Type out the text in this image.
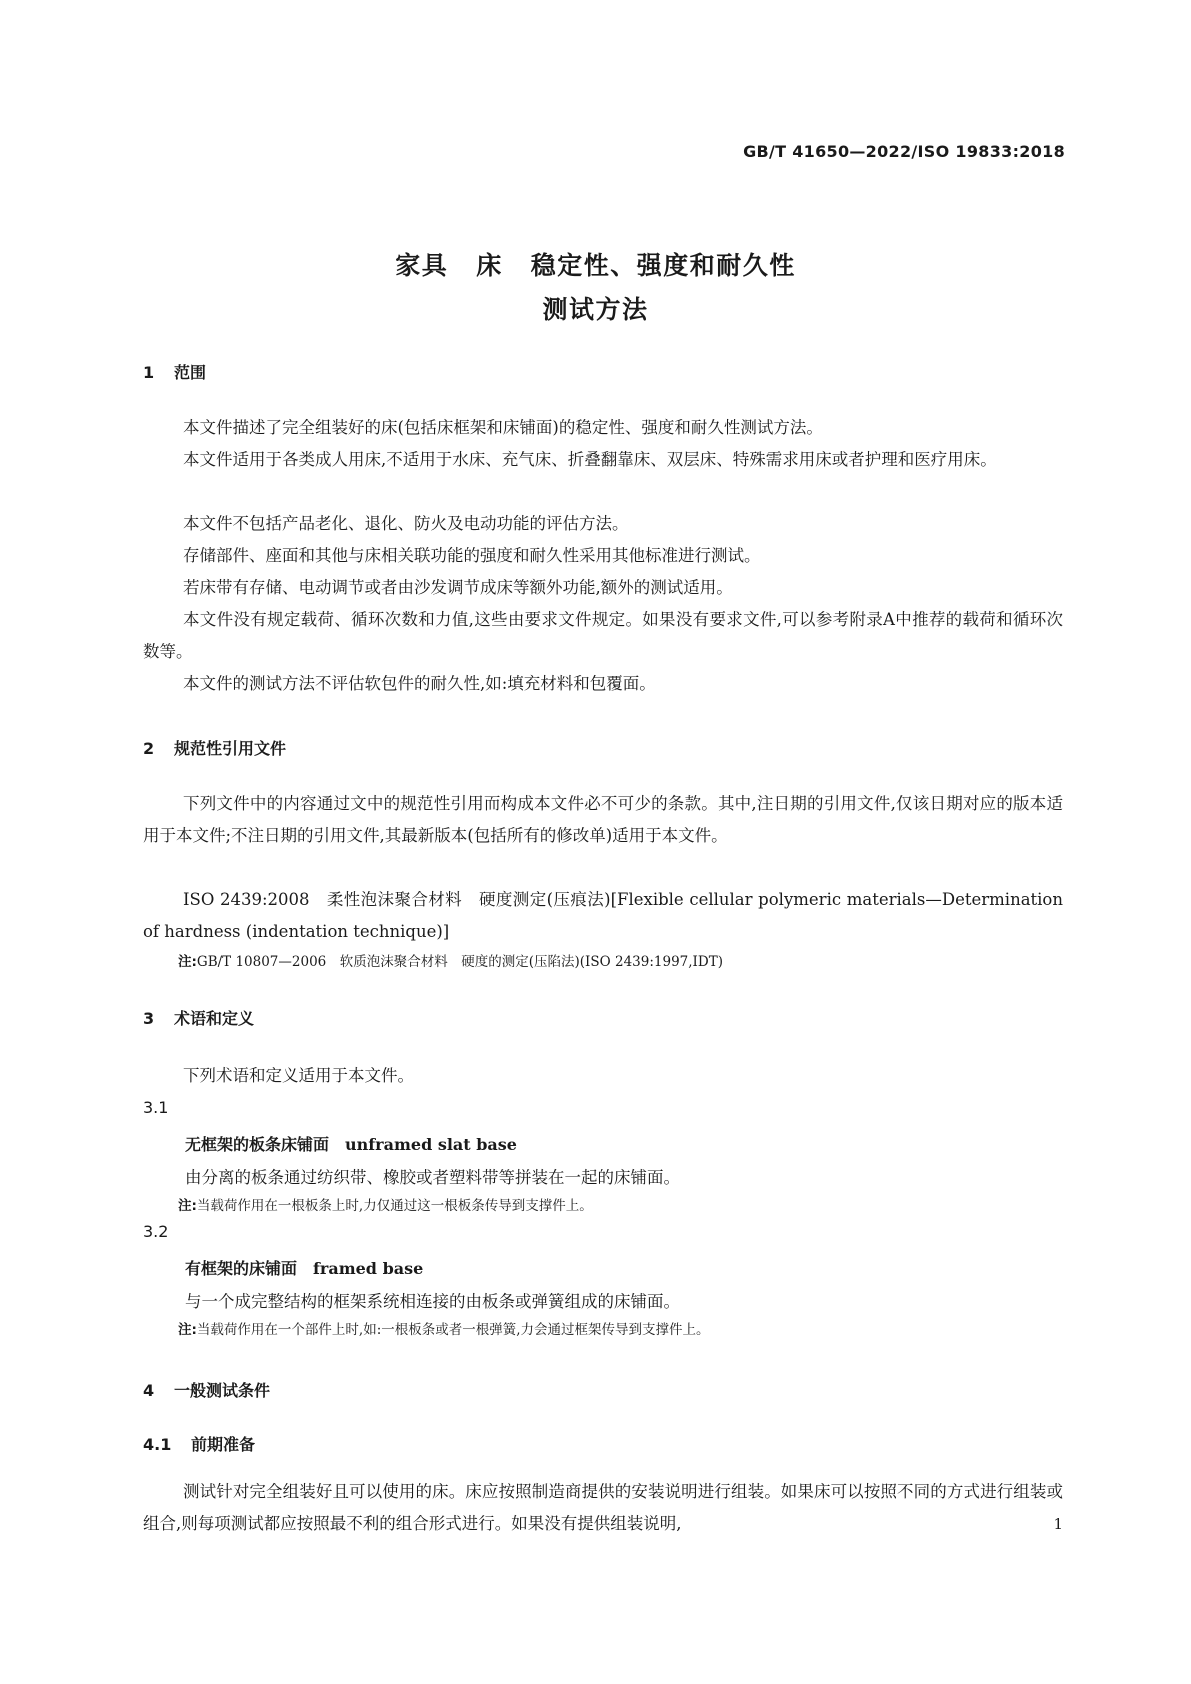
GB/T 41650—2022/ISO 19833:2018
家具 床 稳定性、强度和耐久性
测试方法
1 范围
本文件描述了完全组装好的床(包括床框架和床铺面)的稳定性、强度和耐久性测试方法。
本文件适用于各类成人用床,不适用于水床、充气床、折叠翻靠床、双层床、特殊需求用床或者护理和医疗用床。
本文件不包括产品老化、退化、防火及电动功能的评估方法。
存储部件、座面和其他与床相关联功能的强度和耐久性采用其他标准进行测试。
若床带有存储、电动调节或者由沙发调节成床等额外功能,额外的测试适用。
本文件没有规定载荷、循环次数和力值,这些由要求文件规定。如果没有要求文件,可以参考附录A中推荐的载荷和循环次数等。
本文件的测试方法不评估软包件的耐久性,如:填充材料和包覆面。
2 规范性引用文件
下列文件中的内容通过文中的规范性引用而构成本文件必不可少的条款。其中,注日期的引用文件,仅该日期对应的版本适用于本文件;不注日期的引用文件,其最新版本(包括所有的修改单)适用于本文件。
ISO 2439:2008　柔性泡沫聚合材料　硬度测定(压痕法)[Flexible cellular polymeric materials—Determination of hardness (indentation technique)]
注:GB/T 10807—2006　软质泡沫聚合材料　硬度的测定(压陷法)(ISO 2439:1997,IDT)
3 术语和定义
下列术语和定义适用于本文件。
3.1
无框架的板条床铺面 unframed slat base
由分离的板条通过纺织带、橡胶或者塑料带等拼装在一起的床铺面。
注:当载荷作用在一根板条上时,力仅通过这一根板条传导到支撑件上。
3.2
有框架的床铺面 framed base
与一个成完整结构的框架系统相连接的由板条或弹簧组成的床铺面。
注:当载荷作用在一个部件上时,如:一根板条或者一根弹簧,力会通过框架传导到支撑件上。
4 一般测试条件
4.1 前期准备
测试针对完全组装好且可以使用的床。床应按照制造商提供的安装说明进行组装。如果床可以按照不同的方式进行组装或组合,则每项测试都应按照最不利的组合形式进行。如果没有提供组装说明,	1
